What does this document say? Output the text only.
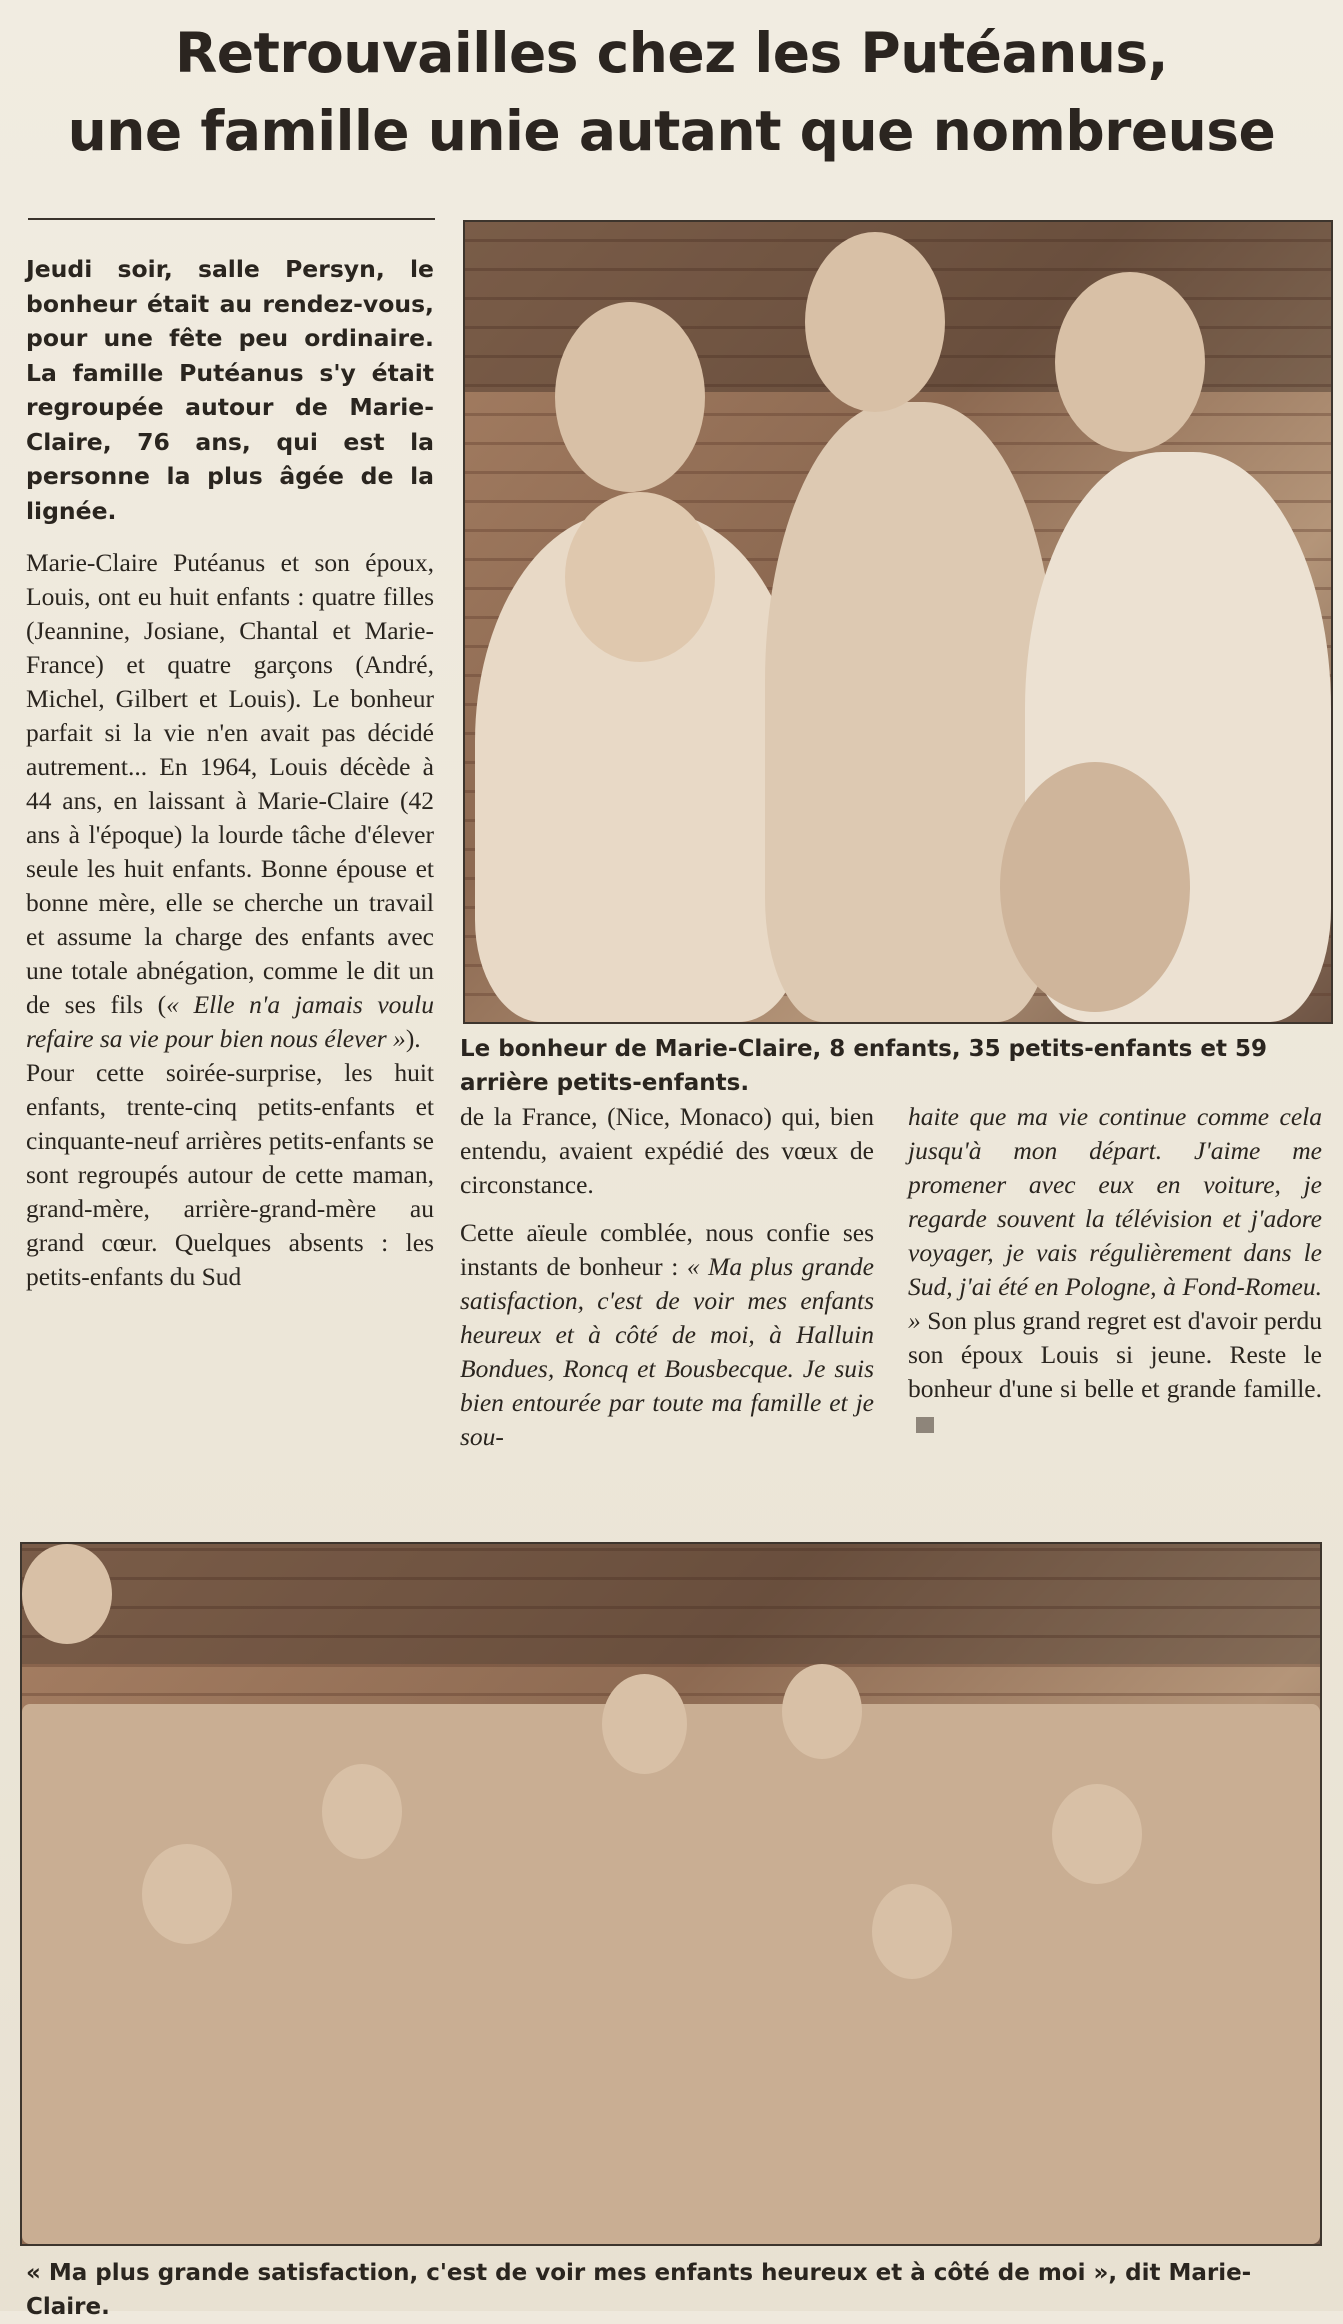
Retrouvailles chez les Putéanus,
une famille unie autant que nombreuse

Jeudi soir, salle Persyn, le bonheur était au rendez-vous, pour une fête peu ordinaire. La famille Putéanus s'y était regroupée autour de Marie-Claire, 76 ans, qui est la personne la plus âgée de la lignée.

Marie-Claire Putéanus et son époux, Louis, ont eu huit enfants : quatre filles (Jeannine, Josiane, Chantal et Marie-France) et quatre garçons (André, Michel, Gilbert et Louis). Le bonheur parfait si la vie n'en avait pas décidé autrement... En 1964, Louis décède à 44 ans, en laissant à Marie-Claire (42 ans à l'époque) la lourde tâche d'élever seule les huit enfants. Bonne épouse et bonne mère, elle se cherche un travail et assume la charge des enfants avec une totale abnégation, comme le dit un de ses fils (« Elle n'a jamais voulu refaire sa vie pour bien nous élever »).

Pour cette soirée-surprise, les huit enfants, trente-cinq petits-enfants et cinquante-neuf arrières petits-enfants se sont regroupés autour de cette maman, grand-mère, arrière-grand-mère au grand cœur. Quelques absents : les petits-enfants du Sud

Le bonheur de Marie-Claire, 8 enfants, 35 petits-enfants et 59 arrière petits-enfants.

de la France, (Nice, Monaco) qui, bien entendu, avaient expédié des vœux de circonstance.

Cette aïeule comblée, nous confie ses instants de bonheur : « Ma plus grande satisfaction, c'est de voir mes enfants heureux et à côté de moi, à Halluin Bondues, Roncq et Bousbecque. Je suis bien entourée par toute ma famille et je sou-

haite que ma vie continue comme cela jusqu'à mon départ. J'aime me promener avec eux en voiture, je regarde souvent la télévision et j'adore voyager, je vais régulièrement dans le Sud, j'ai été en Pologne, à Fond-Romeu. » Son plus grand regret est d'avoir perdu son époux Louis si jeune. Reste le bonheur d'une si belle et grande famille.

« Ma plus grande satisfaction, c'est de voir mes enfants heureux et à côté de moi », dit Marie-Claire.
